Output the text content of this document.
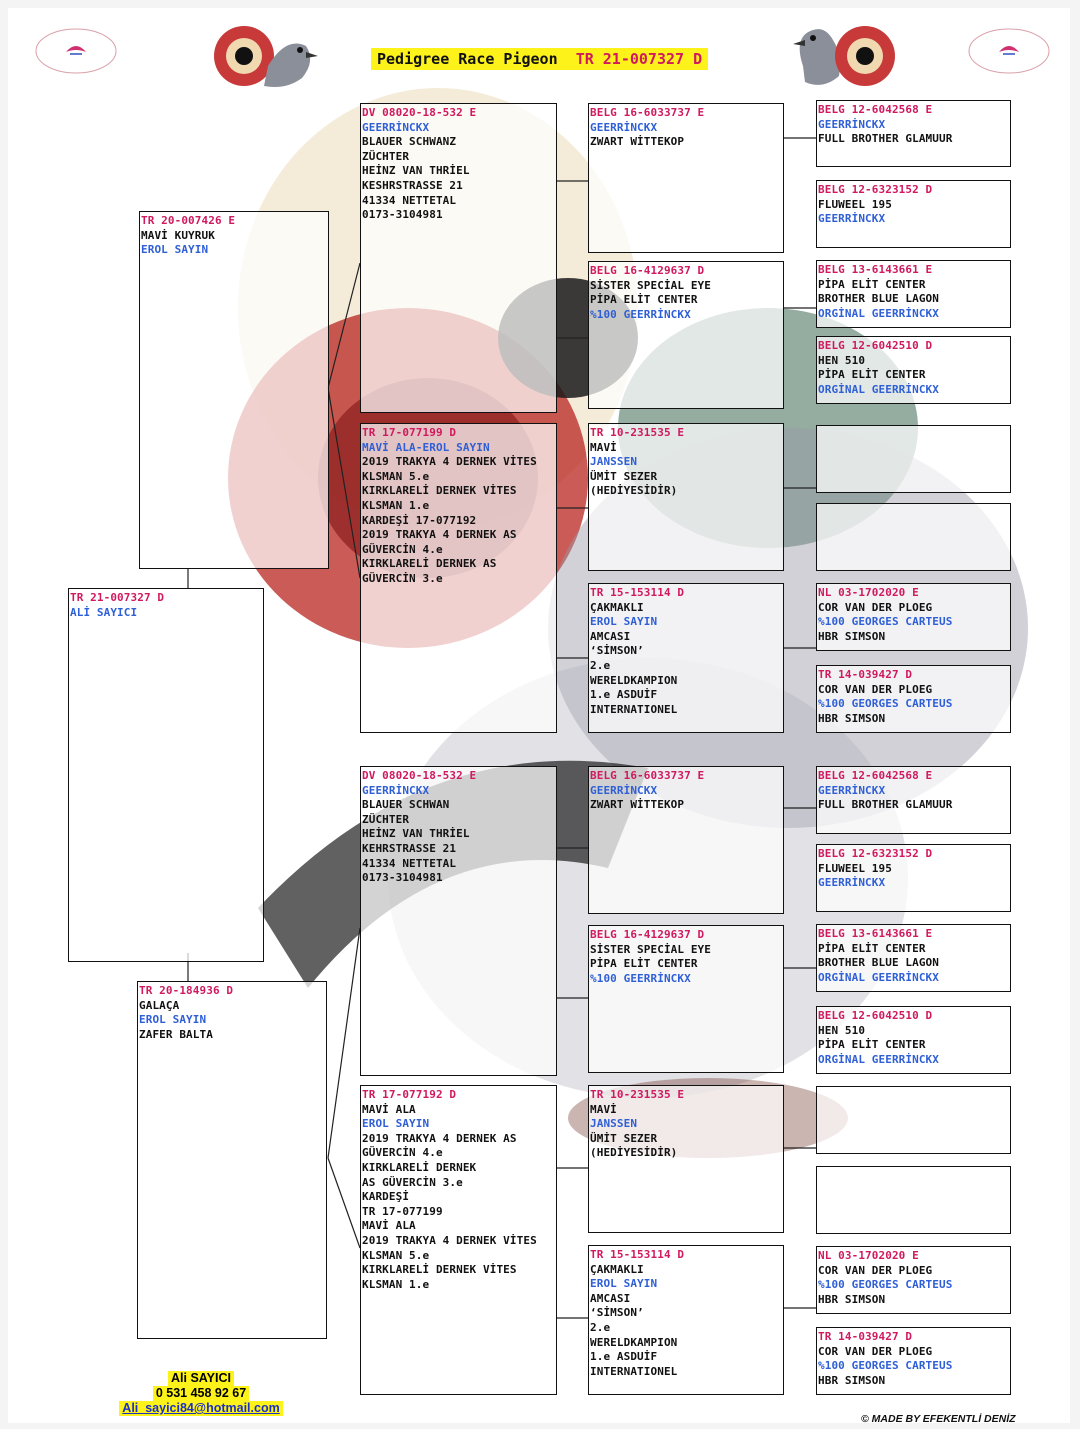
Pedigree Race Pigeon TR 21-007327 D
TR 21-007327 D
ALİ SAYICI
TR 20-007426 E
MAVİ KUYRUK
EROL SAYIN
TR 20-184936 D
GALAÇA
EROL SAYIN
ZAFER BALTA
DV 08020-18-532 E
GEERRİNCKX
BLAUER SCHWANZ
ZÜCHTER
HEİNZ VAN THRİEL
KESHRSTRASSE 21
41334 NETTETAL
0173-3104981
TR 17-077199 D
MAVİ ALA-EROL SAYIN
2019 TRAKYA 4 DERNEK VİTES
KLSMAN 5.e
KIRKLARELİ DERNEK VİTES
KLSMAN 1.e
KARDEŞİ 17-077192
2019 TRAKYA 4 DERNEK AS
GÜVERCİN 4.e
KIRKLARELİ DERNEK AS
GÜVERCİN 3.e
DV 08020-18-532 E
GEERRİNCKX
BLAUER SCHWAN
ZÜCHTER
HEİNZ VAN THRİEL
KEHRSTRASSE 21
41334 NETTETAL
0173-3104981
TR 17-077192 D
MAVİ ALA
EROL SAYIN
2019 TRAKYA 4 DERNEK AS
GÜVERCİN 4.e
KIRKLARELİ DERNEK
AS GÜVERCİN 3.e
KARDEŞİ
TR 17-077199
MAVİ ALA
2019 TRAKYA 4 DERNEK VİTES
KLSMAN 5.e
KIRKLARELİ DERNEK VİTES
KLSMAN 1.e
BELG 16-6033737 E
GEERRİNCKX
ZWART WİTTEKOP
BELG 16-4129637 D
SİSTER SPECİAL EYE
PİPA ELİT CENTER
%100 GEERRİNCKX
TR 10-231535 E
MAVİ
JANSSEN
ÜMİT SEZER
(HEDİYESİDİR)
TR 15-153114 D
ÇAKMAKLI
EROL SAYIN
AMCASI
‘SİMSON’
2.e
WERELDKAMPION
1.e ASDUİF
INTERNATIONEL
BELG 16-6033737 E
GEERRİNCKX
ZWART WİTTEKOP
BELG 16-4129637 D
SİSTER SPECİAL EYE
PİPA ELİT CENTER
%100 GEERRİNCKX
TR 10-231535 E
MAVİ
JANSSEN
ÜMİT SEZER
(HEDİYESİDİR)
TR 15-153114 D
ÇAKMAKLI
EROL SAYIN
AMCASI
‘SİMSON’
2.e
WERELDKAMPION
1.e ASDUİF
INTERNATIONEL
BELG 12-6042568 E
GEERRİNCKX
FULL BROTHER GLAMUUR
BELG 12-6323152 D
FLUWEEL 195
GEERRİNCKX
BELG 13-6143661 E
PİPA ELİT CENTER
BROTHER BLUE LAGON
ORGİNAL GEERRİNCKX
BELG 12-6042510 D
HEN 510
PİPA ELİT CENTER
ORGİNAL GEERRİNCKX
NL 03-1702020 E
COR VAN DER PLOEG
%100 GEORGES CARTEUS
HBR SIMSON
TR 14-039427 D
COR VAN DER PLOEG
%100 GEORGES CARTEUS
HBR SIMSON
BELG 12-6042568 E
GEERRİNCKX
FULL BROTHER GLAMUUR
BELG 12-6323152 D
FLUWEEL 195
GEERRİNCKX
BELG 13-6143661 E
PİPA ELİT CENTER
BROTHER BLUE LAGON
ORGİNAL GEERRİNCKX
BELG 12-6042510 D
HEN 510
PİPA ELİT CENTER
ORGİNAL GEERRİNCKX
NL 03-1702020 E
COR VAN DER PLOEG
%100 GEORGES CARTEUS
HBR SIMSON
TR 14-039427 D
COR VAN DER PLOEG
%100 GEORGES CARTEUS
HBR SIMSON
Ali SAYICI
0 531 458 92 67
Ali_sayici84@hotmail.com
© MADE BY EFEKENTLİ DENİZ
